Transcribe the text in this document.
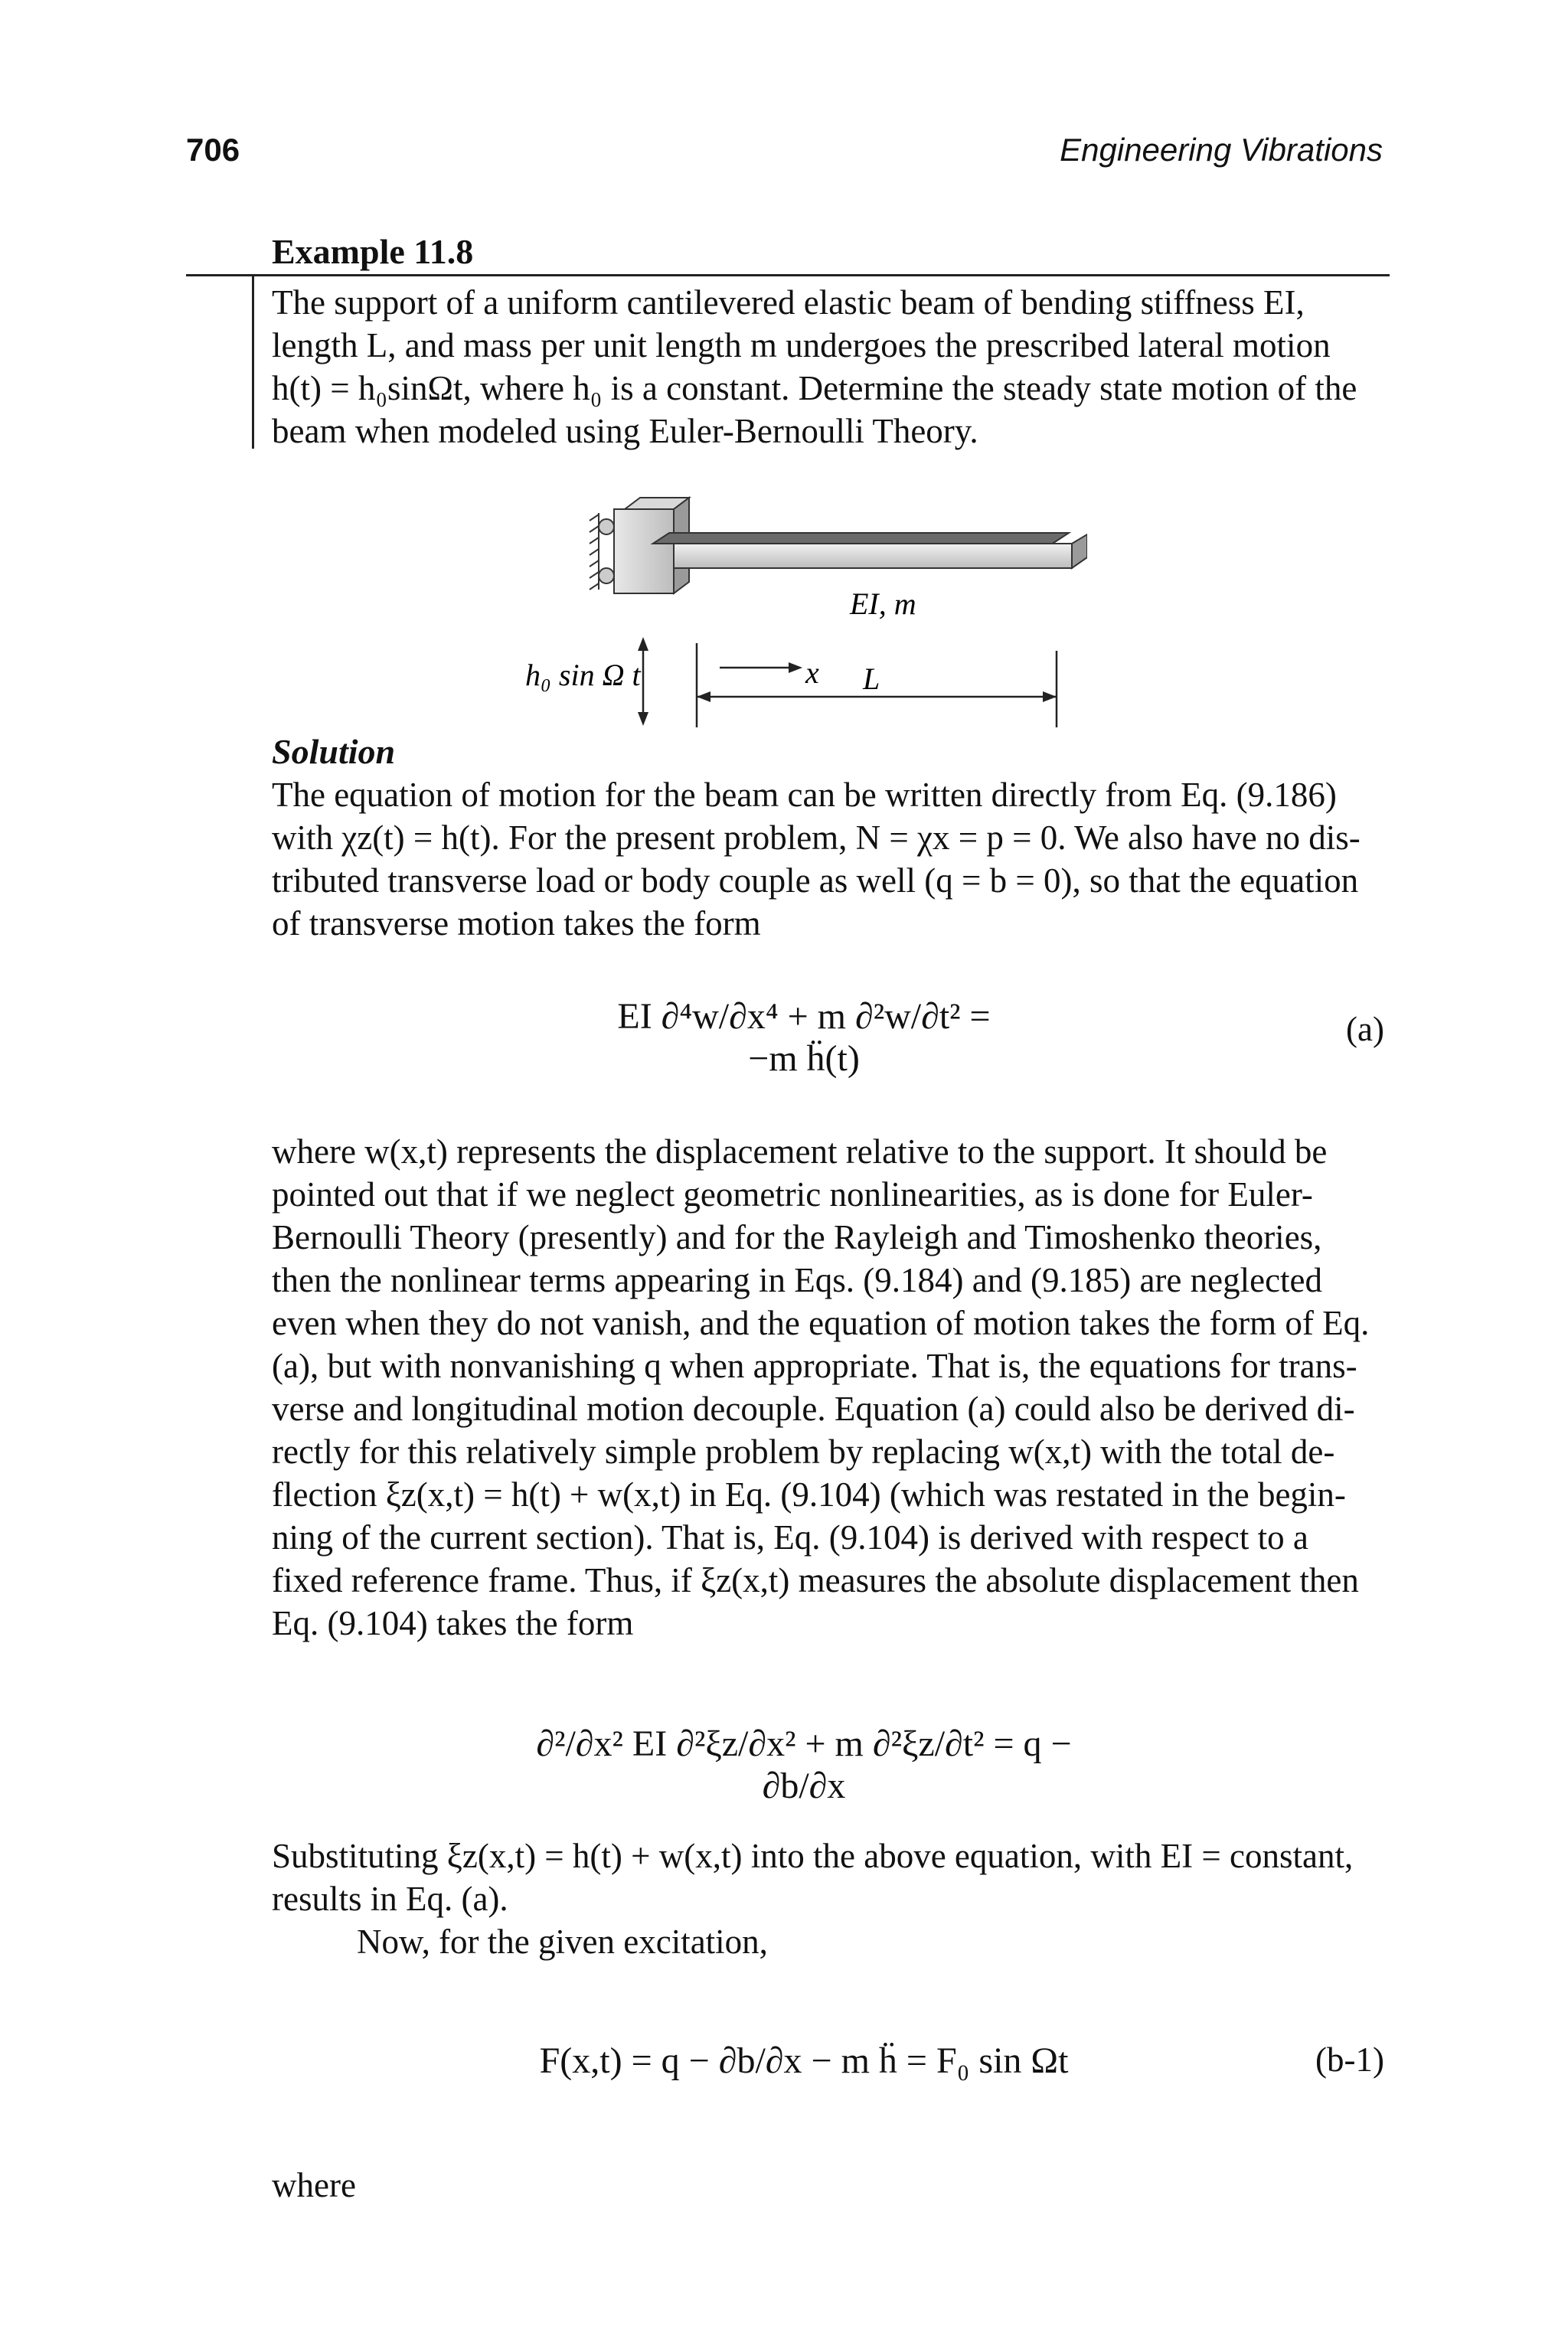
706	Engineering Vibrations
Example 11.8
The support of a uniform cantilevered elastic beam of bending stiffness EI,
length L, and mass per unit length m undergoes the prescribed lateral motion
h(t) = h₀sinΩt, where h₀ is a constant. Determine the steady state motion of the
beam when modeled using Euler-Bernoulli Theory.
h₀ sin Ω t	x L
EI, m
Solution
The equation of motion for the beam can be written directly from Eq. (9.186)
with χz(t) = h(t). For the present problem, N = χx = p = 0. We also have no dis-
tributed transverse load or body couple as well (q = b = 0), so that the equation
of transverse motion takes the form
EI ∂⁴w/∂x⁴ + m ∂²w/∂t² = −m ḧ(t)
(a)
where w(x,t) represents the displacement relative to the support. It should be
pointed out that if we neglect geometric nonlinearities, as is done for Euler-
Bernoulli Theory (presently) and for the Rayleigh and Timoshenko theories,
then the nonlinear terms appearing in Eqs. (9.184) and (9.185) are neglected
even when they do not vanish, and the equation of motion takes the form of Eq.
(a), but with nonvanishing q when appropriate. That is, the equations for trans-
verse and longitudinal motion decouple. Equation (a) could also be derived di-
rectly for this relatively simple problem by replacing w(x,t) with the total de-
flection ξz(x,t) = h(t) + w(x,t) in Eq. (9.104) (which was restated in the begin-
ning of the current section). That is, Eq. (9.104) is derived with respect to a
fixed reference frame. Thus, if ξz(x,t) measures the absolute displacement then
Eq. (9.104) takes the form
∂²/∂x² EI ∂²ξz/∂x² + m ∂²ξz/∂t² = q − ∂b/∂x
Substituting ξz(x,t) = h(t) + w(x,t) into the above equation, with EI = constant,
results in Eq. (a).
Now, for the given excitation,
F(x,t) = q − ∂b/∂x − m ḧ = F₀ sin Ωt	(b-1)
where
